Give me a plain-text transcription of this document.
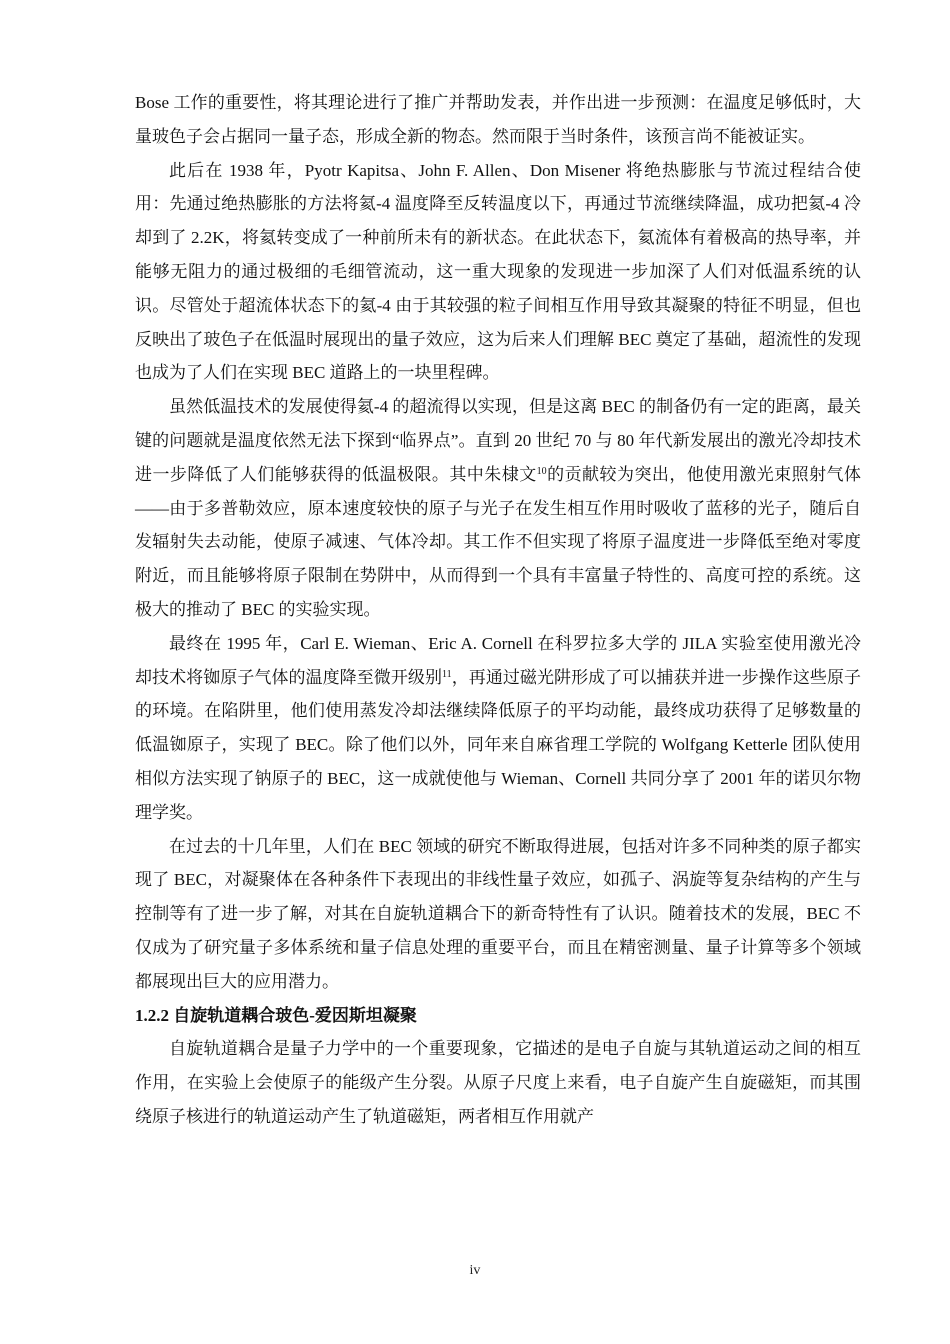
Bose 工作的重要性，将其理论进行了推广并帮助发表，并作出进一步预测：在温度足够低时，大量玻色子会占据同一量子态，形成全新的物态。然而限于当时条件，该预言尚不能被证实。

此后在 1938 年，Pyotr Kapitsa、John F. Allen、Don Misener 将绝热膨胀与节流过程结合使用：先通过绝热膨胀的方法将氦-4 温度降至反转温度以下，再通过节流继续降温，成功把氦-4 冷却到了 2.2K，将氦转变成了一种前所未有的新状态。在此状态下，氦流体有着极高的热导率，并能够无阻力的通过极细的毛细管流动，这一重大现象的发现进一步加深了人们对低温系统的认识。尽管处于超流体状态下的氦-4 由于其较强的粒子间相互作用导致其凝聚的特征不明显，但也反映出了玻色子在低温时展现出的量子效应，这为后来人们理解 BEC 奠定了基础，超流性的发现也成为了人们在实现 BEC 道路上的一块里程碑。

虽然低温技术的发展使得氦-4 的超流得以实现，但是这离 BEC 的制备仍有一定的距离，最关键的问题就是温度依然无法下探到“临界点”。直到 20 世纪 70 与 80 年代新发展出的激光冷却技术进一步降低了人们能够获得的低温极限。其中朱棣文$^{10}$的贡献较为突出，他使用激光束照射气体——由于多普勒效应，原本速度较快的原子与光子在发生相互作用时吸收了蓝移的光子，随后自发辐射失去动能，使原子减速、气体冷却。其工作不但实现了将原子温度进一步降低至绝对零度附近，而且能够将原子限制在势阱中，从而得到一个具有丰富量子特性的、高度可控的系统。这极大的推动了 BEC 的实验实现。

最终在 1995 年，Carl E. Wieman、Eric A. Cornell 在科罗拉多大学的 JILA 实验室使用激光冷却技术将铷原子气体的温度降至微开级别$^{11}$，再通过磁光阱形成了可以捕获并进一步操作这些原子的环境。在陷阱里，他们使用蒸发冷却法继续降低原子的平均动能，最终成功获得了足够数量的低温铷原子，实现了 BEC。除了他们以外，同年来自麻省理工学院的 Wolfgang Ketterle 团队使用相似方法实现了钠原子的 BEC，这一成就使他与 Wieman、Cornell 共同分享了 2001 年的诺贝尔物理学奖。

在过去的十几年里，人们在 BEC 领域的研究不断取得进展，包括对许多不同种类的原子都实现了 BEC，对凝聚体在各种条件下表现出的非线性量子效应，如孤子、涡旋等复杂结构的产生与控制等有了进一步了解，对其在自旋轨道耦合下的新奇特性有了认识。随着技术的发展，BEC 不仅成为了研究量子多体系统和量子信息处理的重要平台，而且在精密测量、量子计算等多个领域都展现出巨大的应用潜力。

1.2.2 自旋轨道耦合玻色-爱因斯坦凝聚

自旋轨道耦合是量子力学中的一个重要现象，它描述的是电子自旋与其轨道运动之间的相互作用，在实验上会使原子的能级产生分裂。从原子尺度上来看，电子自旋产生自旋磁矩，而其围绕原子核进行的轨道运动产生了轨道磁矩，两者相互作用就产

iv
